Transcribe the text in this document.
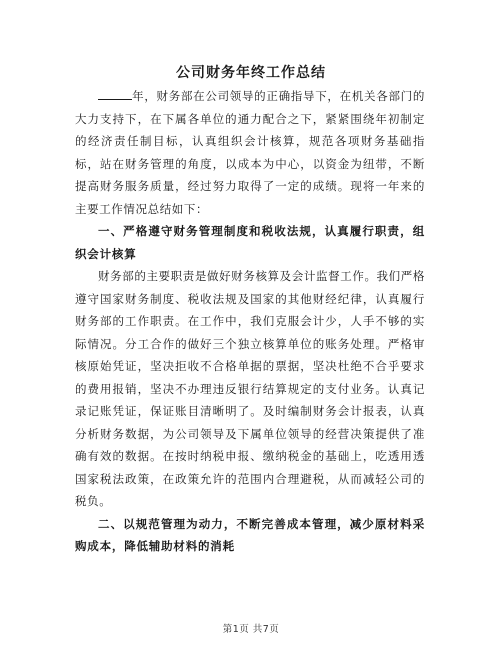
公司财务年终工作总结

年，财务部在公司领导的正确指导下，在机关各部门的大力支持下，在下属各单位的通力配合之下，紧紧围绕年初制定的经济责任制目标，认真组织会计核算，规范各项财务基础指标，站在财务管理的角度，以成本为中心，以资金为纽带，不断提高财务服务质量，经过努力取得了一定的成绩。现将一年来的主要工作情况总结如下：

一、严格遵守财务管理制度和税收法规，认真履行职责，组织会计核算

财务部的主要职责是做好财务核算及会计监督工作。我们严格遵守国家财务制度、税收法规及国家的其他财经纪律，认真履行财务部的工作职责。在工作中，我们克服会计少，人手不够的实际情况。分工合作的做好三个独立核算单位的账务处理。严格审核原始凭证，坚决拒收不合格单据的票据，坚决杜绝不合乎要求的费用报销，坚决不办理违反银行结算规定的支付业务。认真记录记账凭证，保证账目清晰明了。及时编制财务会计报表，认真分析财务数据，为公司领导及下属单位领导的经营决策提供了准确有效的数据。在按时纳税申报、缴纳税金的基础上，吃透用透国家税法政策，在政策允许的范围内合理避税，从而减轻公司的税负。

二、以规范管理为动力，不断完善成本管理，减少原材料采购成本，降低辅助材料的消耗

第1页 共7页
